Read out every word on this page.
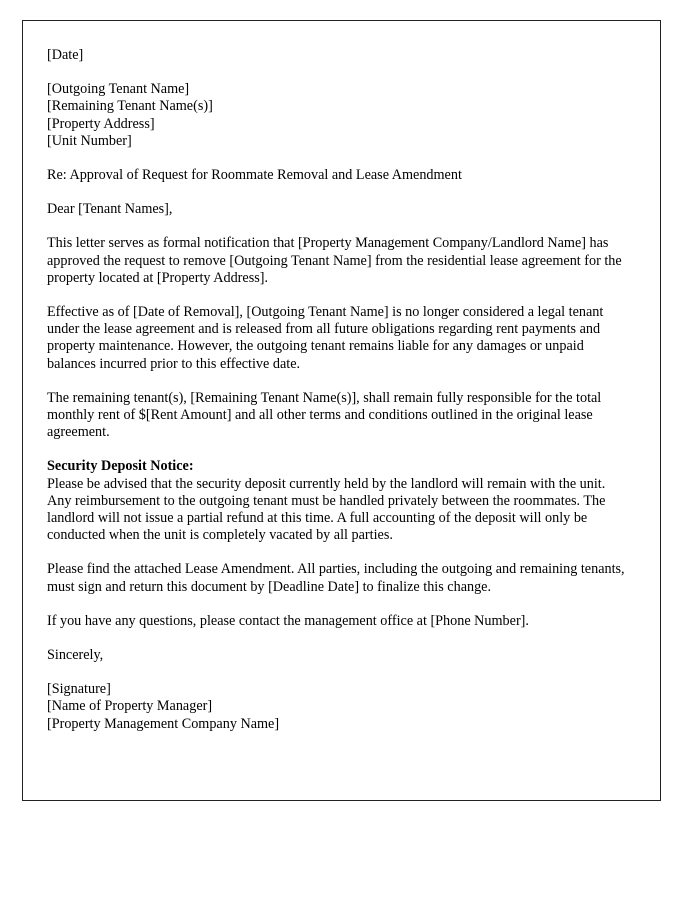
[Date]
[Outgoing Tenant Name]
[Remaining Tenant Name(s)]
[Property Address]
[Unit Number]
Re: Approval of Request for Roommate Removal and Lease Amendment
Dear [Tenant Names],
This letter serves as formal notification that [Property Management Company/Landlord Name] has approved the request to remove [Outgoing Tenant Name] from the residential lease agreement for the property located at [Property Address].
Effective as of [Date of Removal], [Outgoing Tenant Name] is no longer considered a legal tenant under the lease agreement and is released from all future obligations regarding rent payments and property maintenance. However, the outgoing tenant remains liable for any damages or unpaid balances incurred prior to this effective date.
The remaining tenant(s), [Remaining Tenant Name(s)], shall remain fully responsible for the total monthly rent of $[Rent Amount] and all other terms and conditions outlined in the original lease agreement.
Security Deposit Notice:
Please be advised that the security deposit currently held by the landlord will remain with the unit. Any reimbursement to the outgoing tenant must be handled privately between the roommates. The landlord will not issue a partial refund at this time. A full accounting of the deposit will only be conducted when the unit is completely vacated by all parties.
Please find the attached Lease Amendment. All parties, including the outgoing and remaining tenants, must sign and return this document by [Deadline Date] to finalize this change.
If you have any questions, please contact the management office at [Phone Number].
Sincerely,
[Signature]
[Name of Property Manager]
[Property Management Company Name]
